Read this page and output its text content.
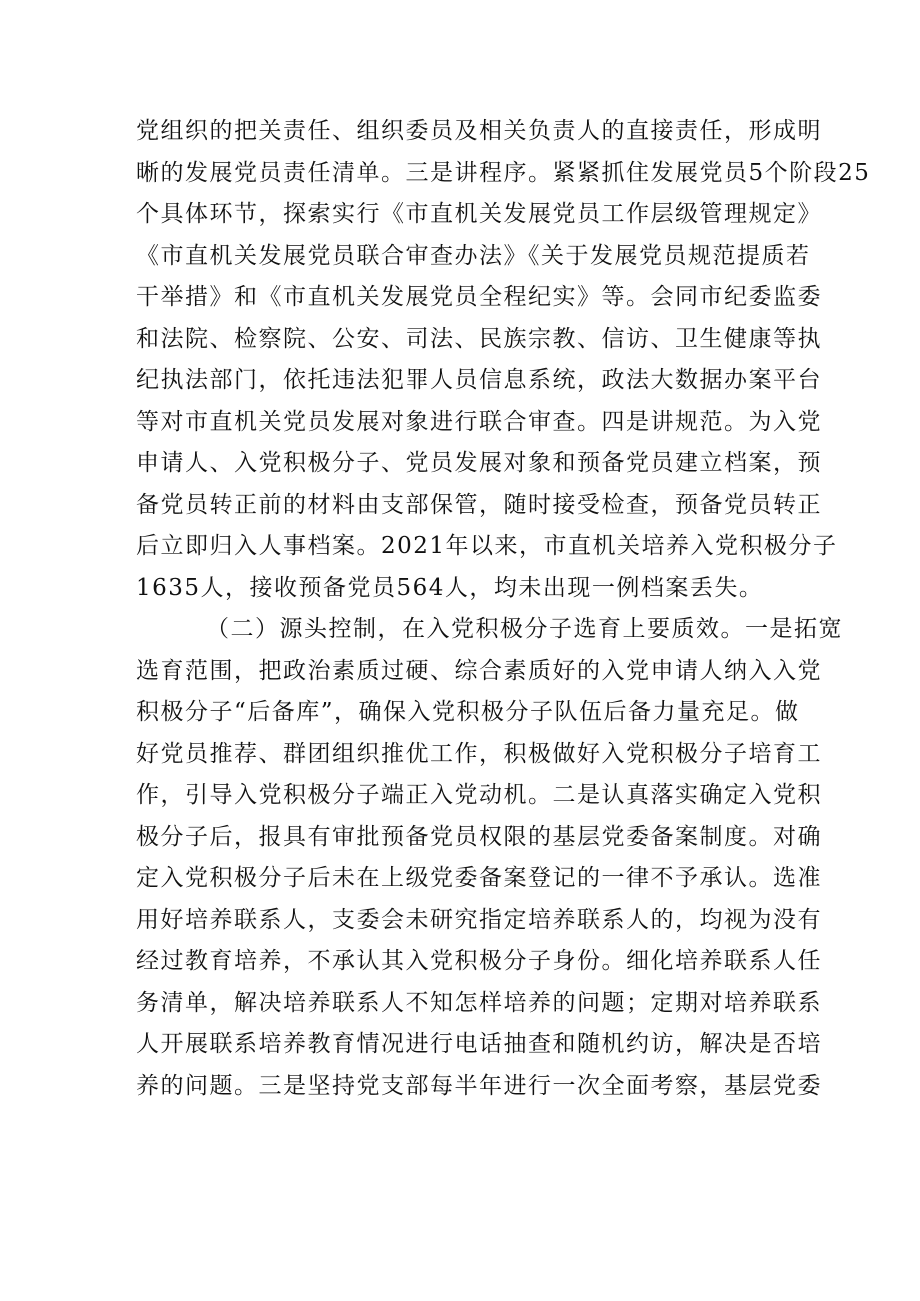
党组织的把关责任、组织委员及相关负责人的直接责任，形成明
晰的发展党员责任清单。三是讲程序。紧紧抓住发展党员5个阶段25
个具体环节，探索实行《市直机关发展党员工作层级管理规定》
《市直机关发展党员联合审查办法》《关于发展党员规范提质若
干举措》和《市直机关发展党员全程纪实》等。会同市纪委监委
和法院、检察院、公安、司法、民族宗教、信访、卫生健康等执
纪执法部门，依托违法犯罪人员信息系统，政法大数据办案平台
等对市直机关党员发展对象进行联合审查。四是讲规范。为入党
申请人、入党积极分子、党员发展对象和预备党员建立档案，预
备党员转正前的材料由支部保管，随时接受检查，预备党员转正
后立即归入人事档案。2021年以来，市直机关培养入党积极分子
1635人，接收预备党员564人，均未出现一例档案丢失。
（二）源头控制，在入党积极分子选育上要质效。一是拓宽
选育范围，把政治素质过硬、综合素质好的入党申请人纳入入党
积极分子“后备库”，确保入党积极分子队伍后备力量充足。做
好党员推荐、群团组织推优工作，积极做好入党积极分子培育工
作，引导入党积极分子端正入党动机。二是认真落实确定入党积
极分子后，报具有审批预备党员权限的基层党委备案制度。对确
定入党积极分子后未在上级党委备案登记的一律不予承认。选准
用好培养联系人，支委会未研究指定培养联系人的，均视为没有
经过教育培养，不承认其入党积极分子身份。细化培养联系人任
务清单，解决培养联系人不知怎样培养的问题；定期对培养联系
人开展联系培养教育情况进行电话抽查和随机约访，解决是否培
养的问题。三是坚持党支部每半年进行一次全面考察，基层党委
